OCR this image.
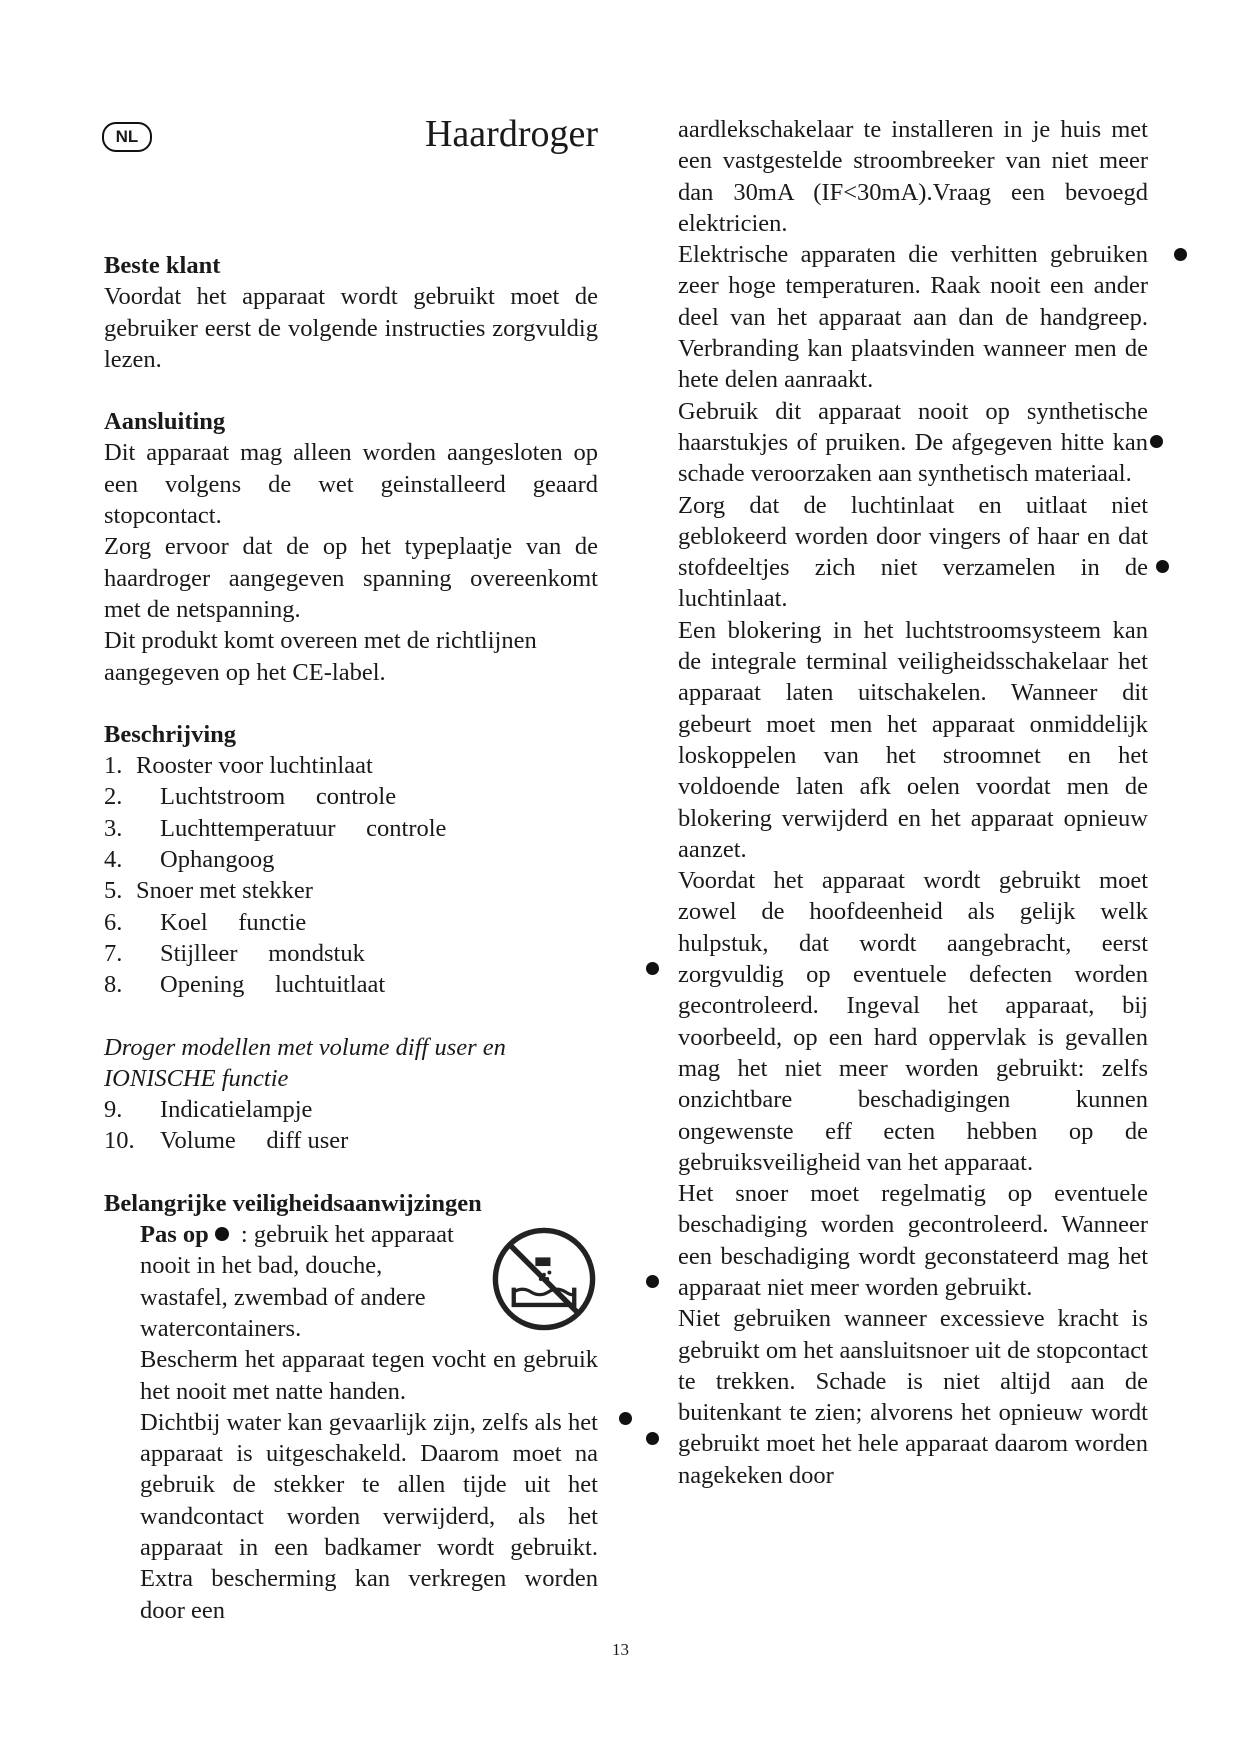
NL	Haardroger
Beste klant

Voordat het apparaat wordt gebruikt moet de gebruiker eerst de volgende instructies zorgvuldig lezen.

Aansluiting

Dit apparaat mag alleen worden aangesloten op een volgens de wet geinstalleerd geaard stopcontact.

Zorg ervoor dat de op het typeplaatje van de haardroger aangegeven spanning overeenkomt met de netspanning.

Dit produkt komt overeen met de richtlijnen aangegeven op het CE-label.

Beschrijving
1. Rooster voor luchtinlaat
2.	Luchtstroom     controle
3.	Luchttemperatuur     controle
4.	Ophangoog
5. Snoer met stekker
6.	Koel     functie
7.	Stijlleer     mondstuk
8.	Opening     luchtuitlaat
Droger modellen met volume diff user en IONISCHE functie
9.	Indicatielampje
10.	Volume     diff user
Belangrijke veiligheidsaanwijzingen

Pas op : gebruik het apparaat nooit in het bad, douche, wastafel, zwembad of andere watercontainers.

Bescherm het apparaat tegen vocht en gebruik het nooit met natte handen.

Dichtbij water kan gevaarlijk zijn, zelfs als het apparaat is uitgeschakeld. Daarom moet na gebruik de stekker te allen tijde uit het wandcontact worden verwijderd, als het apparaat in een badkamer wordt gebruikt. Extra bescherming kan verkregen worden door een

aardlekschakelaar te installeren in je huis met een vastgestelde stroombreeker van niet meer dan 30mA (IF<30mA).Vraag een bevoegd elektricien.

Elektrische apparaten die verhitten gebruiken zeer hoge temperaturen. Raak nooit een ander deel van het apparaat aan dan de handgreep. Verbranding kan plaatsvinden wanneer men de hete delen aanraakt.

Gebruik dit apparaat nooit op synthetische haarstukjes of pruiken. De afgegeven hitte kan schade veroorzaken aan synthetisch materiaal.

Zorg dat de luchtinlaat en uitlaat niet geblokeerd worden door vingers of haar en dat stofdeeltjes zich niet verzamelen in de luchtinlaat.

Een blokering in het luchtstroomsysteem kan de integrale terminal veiligheidsschakelaar het apparaat laten uitschakelen. Wanneer dit gebeurt moet men het apparaat onmiddelijk loskoppelen van het stroomnet en het voldoende laten afk oelen voordat men de blokering verwijderd en het apparaat opnieuw aanzet.

Voordat het apparaat wordt gebruikt moet zowel de hoofdeenheid als gelijk welk hulpstuk, dat wordt aangebracht, eerst zorgvuldig op eventuele defecten worden gecontroleerd. Ingeval het apparaat, bij voorbeeld, op een hard oppervlak is gevallen mag het niet meer worden gebruikt: zelfs onzichtbare beschadigingen kunnen ongewenste eff ecten hebben op de gebruiksveiligheid van het apparaat.

Het snoer moet regelmatig op eventuele beschadiging worden gecontroleerd. Wanneer een beschadiging wordt geconstateerd mag het apparaat niet meer worden gebruikt.

Niet gebruiken wanneer excessieve kracht is gebruikt om het aansluitsnoer uit de stopcontact te trekken. Schade is niet altijd aan de buitenkant te zien; alvorens het opnieuw wordt gebruikt moet het hele apparaat daarom worden nagekeken door

13
